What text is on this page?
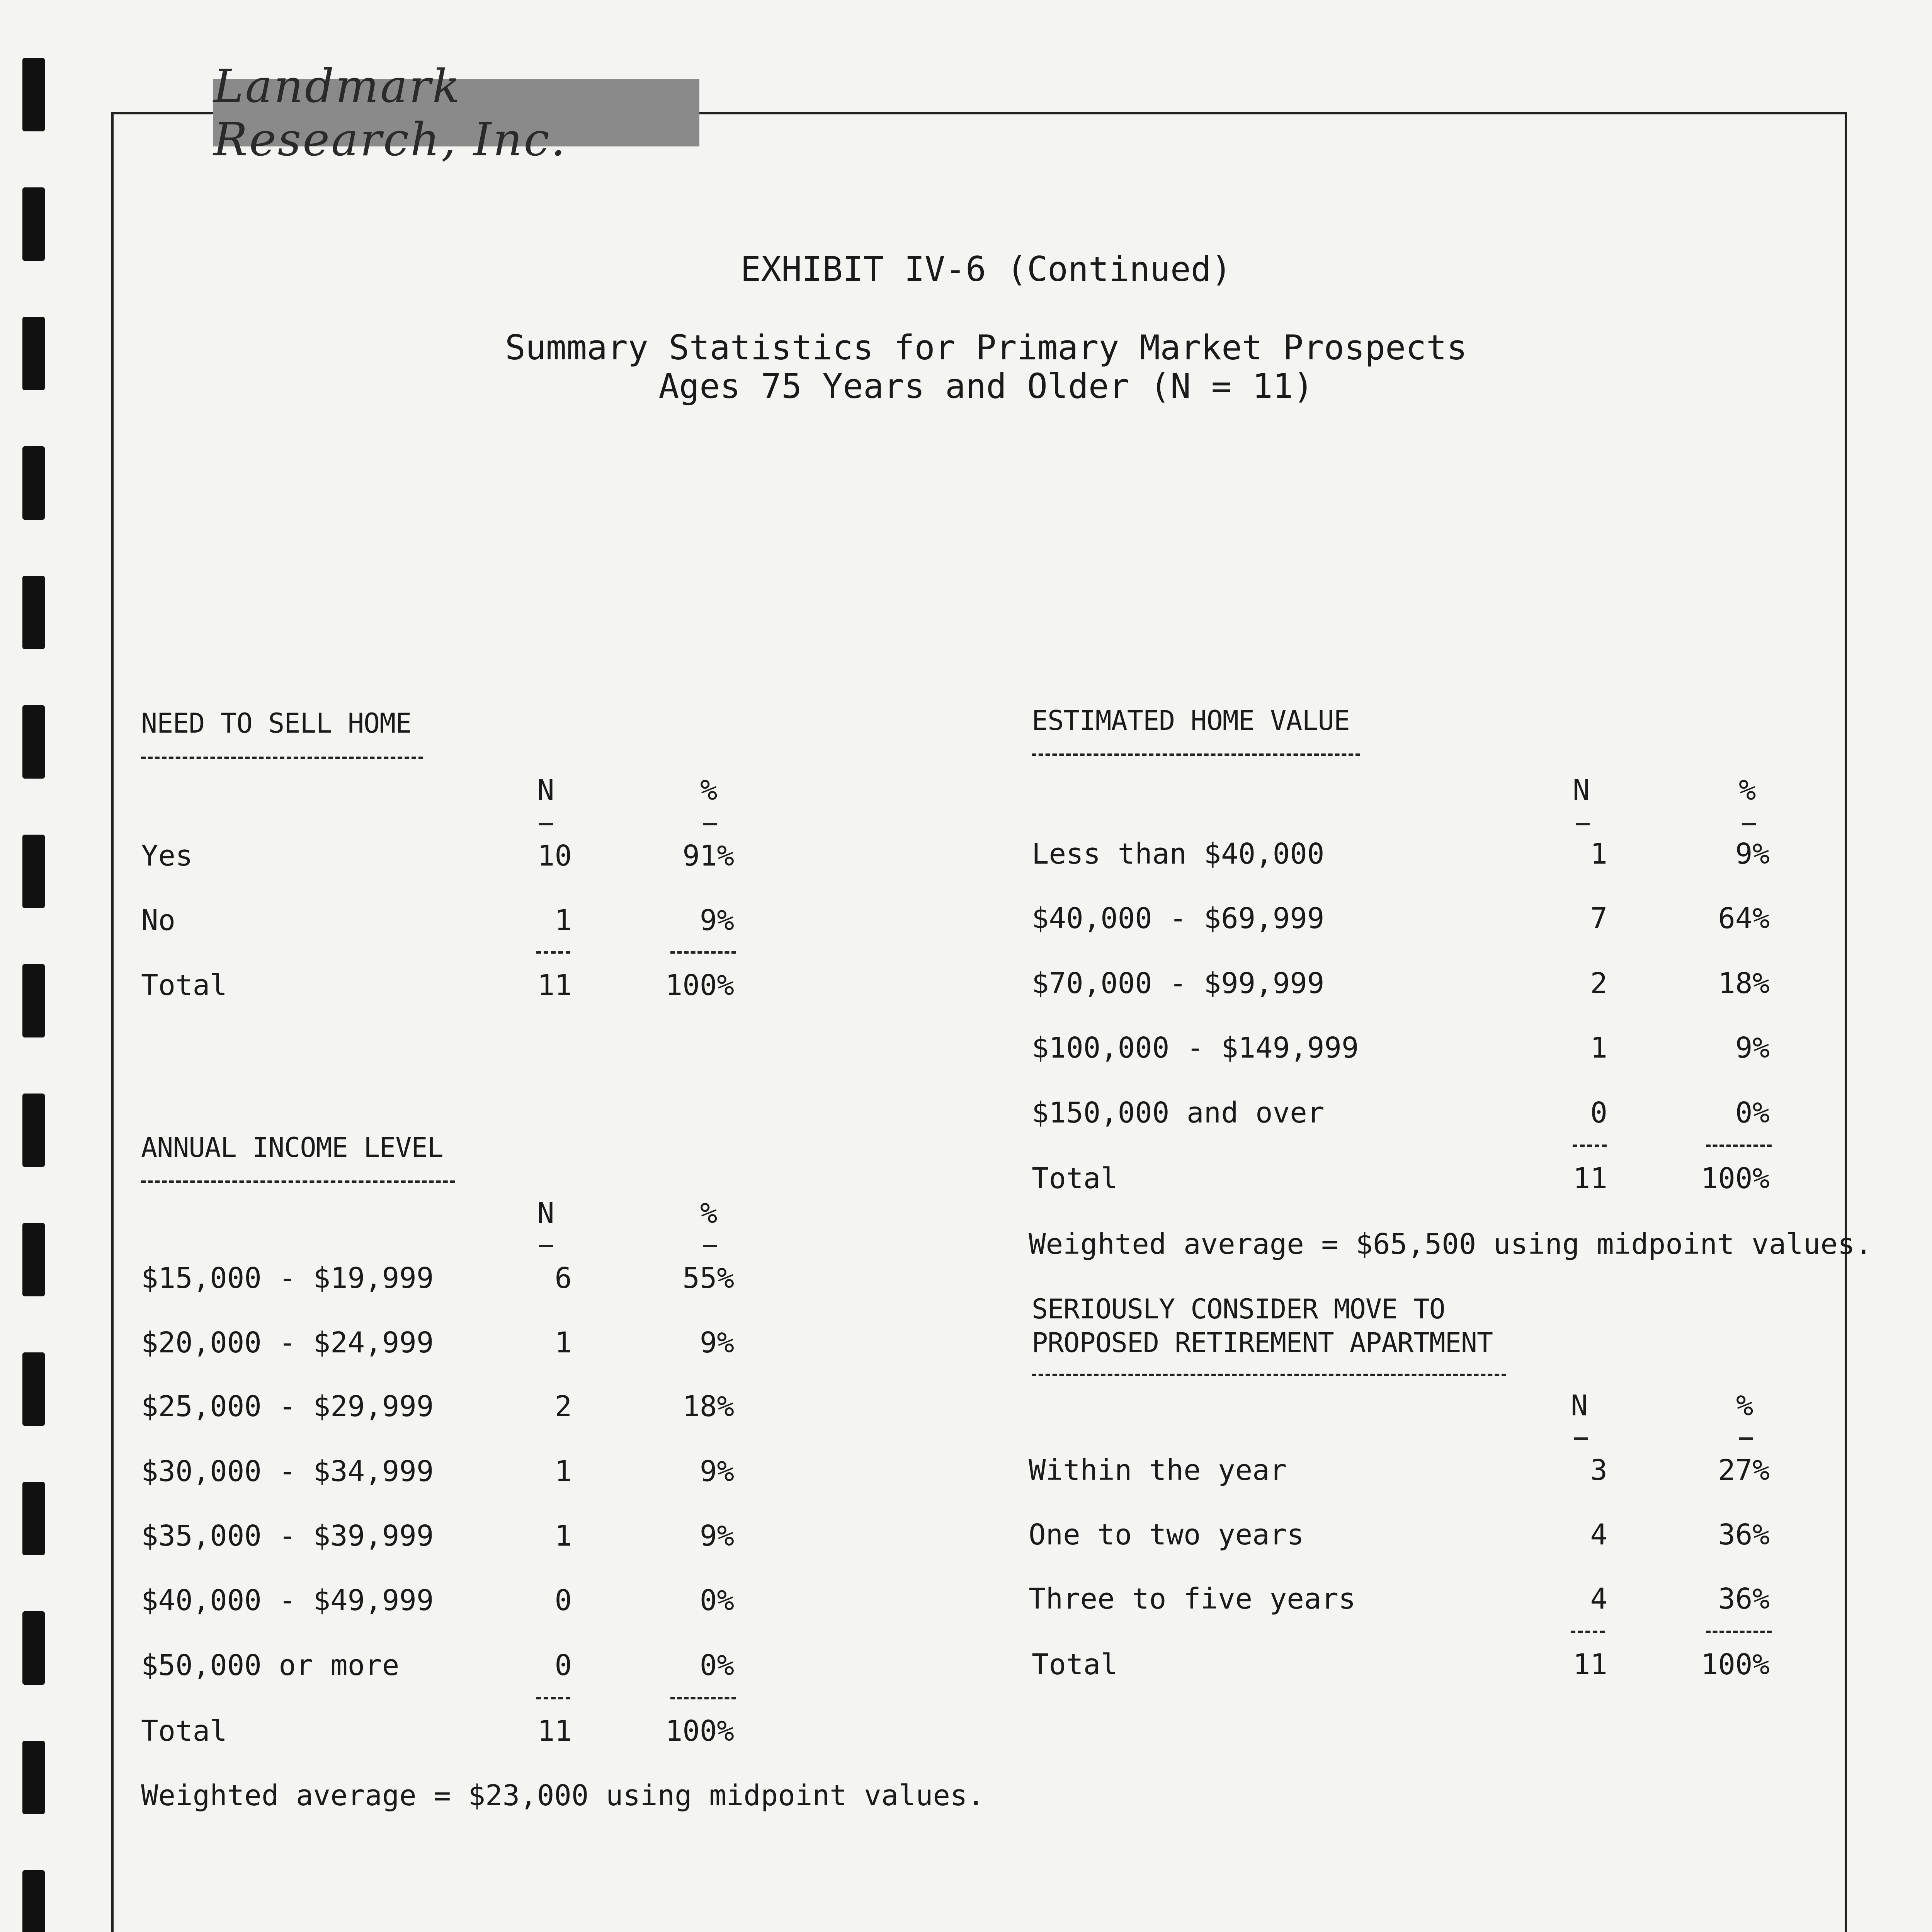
Landmark Research, Inc.
EXHIBIT IV-6 (Continued)
Summary Statistics for Primary Market Prospects
Ages 75 Years and Older (N = 11)
NEED TO SELL HOME
N	%
Yes	10	91%
No	1	9%
Total	11	100%
ANNUAL INCOME LEVEL
N	%
$15,000 - $19,999	6	55%
$20,000 - $24,999	1	9%
$25,000 - $29,999	2	18%
$30,000 - $34,999	1	9%
$35,000 - $39,999	1	9%
$40,000 - $49,999	0	0%
$50,000 or more	0	0%
Total	11	100%
Weighted average = $23,000 using midpoint values.
ESTIMATED HOME VALUE
N	%
Less than $40,000	1	9%
$40,000 - $69,999	7	64%
$70,000 - $99,999	2	18%
$100,000 - $149,999	1	9%
$150,000 and over	0	0%
Total	11	100%
Weighted average = $65,500 using midpoint values.
SERIOUSLY CONSIDER MOVE TO
PROPOSED RETIREMENT APARTMENT
N	%
Within the year	3	27%
One to two years	4	36%
Three to five years	4	36%
Total	11	100%
